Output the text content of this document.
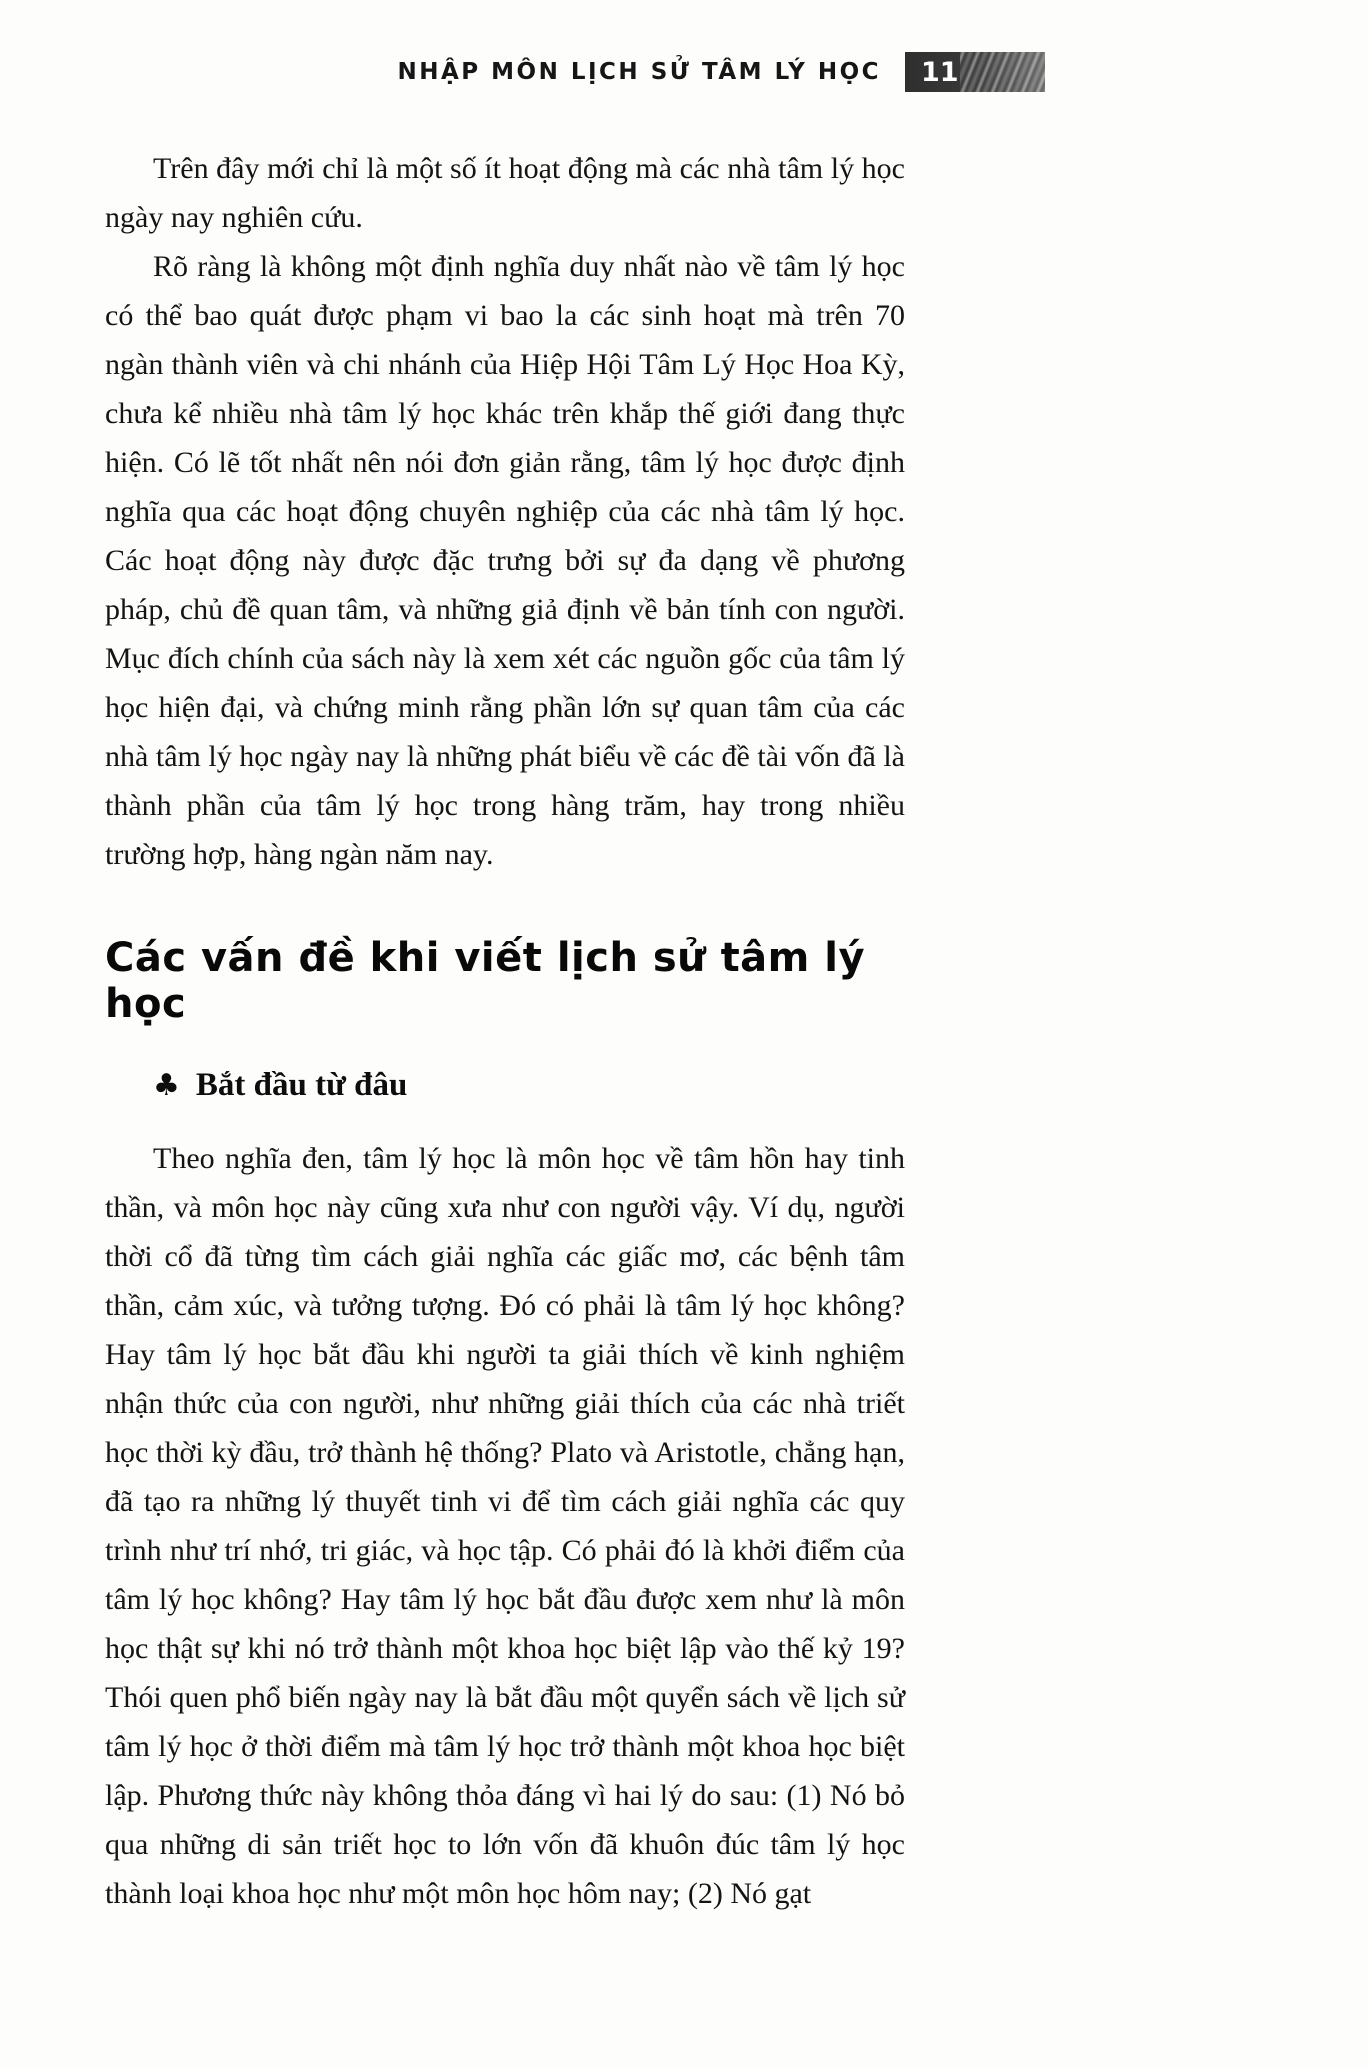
NHẬP MÔN LỊCH SỬ TÂM LÝ HỌC	11

Trên đây mới chỉ là một số ít hoạt động mà các nhà tâm lý học ngày nay nghiên cứu.

Rõ ràng là không một định nghĩa duy nhất nào về tâm lý học có thể bao quát được phạm vi bao la các sinh hoạt mà trên 70 ngàn thành viên và chi nhánh của Hiệp Hội Tâm Lý Học Hoa Kỳ, chưa kể nhiều nhà tâm lý học khác trên khắp thế giới đang thực hiện. Có lẽ tốt nhất nên nói đơn giản rằng, tâm lý học được định nghĩa qua các hoạt động chuyên nghiệp của các nhà tâm lý học. Các hoạt động này được đặc trưng bởi sự đa dạng về phương pháp, chủ đề quan tâm, và những giả định về bản tính con người. Mục đích chính của sách này là xem xét các nguồn gốc của tâm lý học hiện đại, và chứng minh rằng phần lớn sự quan tâm của các nhà tâm lý học ngày nay là những phát biểu về các đề tài vốn đã là thành phần của tâm lý học trong hàng trăm, hay trong nhiều trường hợp, hàng ngàn năm nay.

Các vấn đề khi viết lịch sử tâm lý học
♣ Bắt đầu từ đâu

Theo nghĩa đen, tâm lý học là môn học về tâm hồn hay tinh thần, và môn học này cũng xưa như con người vậy. Ví dụ, người thời cổ đã từng tìm cách giải nghĩa các giấc mơ, các bệnh tâm thần, cảm xúc, và tưởng tượng. Đó có phải là tâm lý học không? Hay tâm lý học bắt đầu khi người ta giải thích về kinh nghiệm nhận thức của con người, như những giải thích của các nhà triết học thời kỳ đầu, trở thành hệ thống? Plato và Aristotle, chẳng hạn, đã tạo ra những lý thuyết tinh vi để tìm cách giải nghĩa các quy trình như trí nhớ, tri giác, và học tập. Có phải đó là khởi điểm của tâm lý học không? Hay tâm lý học bắt đầu được xem như là môn học thật sự khi nó trở thành một khoa học biệt lập vào thế kỷ 19? Thói quen phổ biến ngày nay là bắt đầu một quyển sách về lịch sử tâm lý học ở thời điểm mà tâm lý học trở thành một khoa học biệt lập. Phương thức này không thỏa đáng vì hai lý do sau: (1) Nó bỏ qua những di sản triết học to lớn vốn đã khuôn đúc tâm lý học thành loại khoa học như một môn học hôm nay; (2) Nó gạt
